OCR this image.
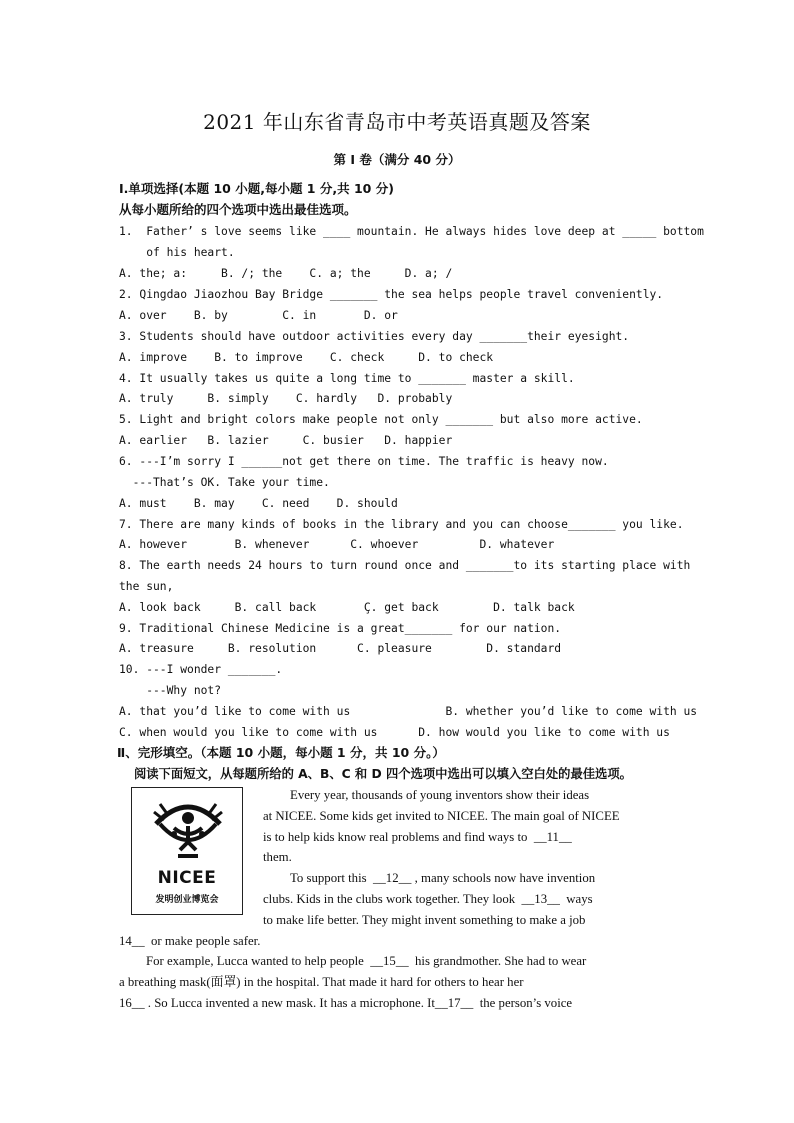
2021 年山东省青岛市中考英语真题及答案
第 I 卷（满分 40 分）
I.单项选择(本题 10 小题,每小题 1 分,共 10 分)
从每小题所给的四个选项中选出最佳选项。
1.  Father’ s love seems like ____ mountain. He always hides love deep at _____ bottom
of his heart.
A. the; a:     B. /; the    C. a; the     D. a; /
2. Qingdao Jiaozhou Bay Bridge _______ the sea helps people travel conveniently.
A. over    B. by        C. in       D. or
3. Students should have outdoor activities every day _______their eyesight.
A. improve    B. to improve    C. check     D. to check
4. It usually takes us quite a long time to _______ master a skill.
A. truly     B. simply    C. hardly   D. probably
5. Light and bright colors make people not only _______ but also more active.
A. earlier   B. lazier     C. busier   D. happier
6. ---I’m sorry I ______not get there on time. The traffic is heavy now.
---That’s OK. Take your time.
A. must    B. may    C. need    D. should
7. There are many kinds of books in the library and you can choose_______ you like.
A. however       B. whenever      C. whoever         D. whatever
8. The earth needs 24 hours to turn round once and _______to its starting place with
the sun,
A. look back     B. call back       Ç. get back        D. talk back
9. Traditional Chinese Medicine is a great_______ for our nation.
A. treasure     B. resolution      C. pleasure        D. standard
10. ---I wonder _______.
---Why not?
A. that you’d like to come with us              B. whether you’d like to come with us
C. when would you like to come with us      D. how would you like to come with us
Ⅱ、完形填空。（本题 10 小题，每小题 1 分，共 10 分。）
阅读下面短文，从每题所给的 A、B、C 和 D 四个选项中选出可以填入空白处的最佳选项。
NICEE
发明创业博览会
Every year, thousands of young inventors show their ideas
at NICEE. Some kids get invited to NICEE. The main goal of NICEE
is to help kids know real problems and find ways to  __11__
them.
To support this  __12__ , many schools now have invention
clubs. Kids in the clubs work together. They look  __13__  ways
to make life better. They might invent something to make a job
14__  or make people safer.
For example, Lucca wanted to help people  __15__  his grandmother. She had to wear
a breathing mask(面罩) in the hospital. That made it hard for others to hear her
16__ . So Lucca invented a new mask. It has a microphone. It__17__  the person’s voice
